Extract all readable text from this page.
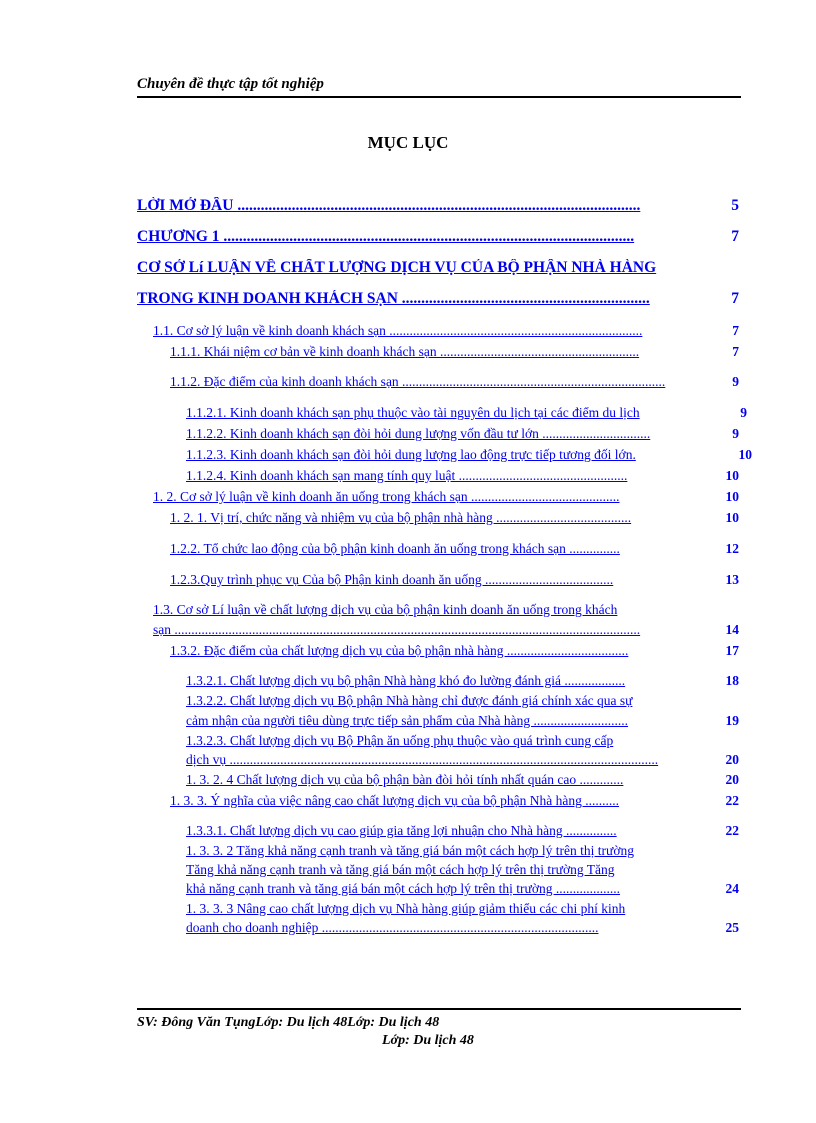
Chuyên đề thực tập tốt nghiệp
MỤC LỤC
LỜI MỞ ĐẦU ........................................................................................................	5
CHƯƠNG 1 ..........................................................................................................	7
CƠ SỞ Lí LUẬN VỀ CHẤT LƯỢNG DỊCH VỤ CỦA BỘ PHẬN NHÀ HÀNG
TRONG KINH DOANH KHÁCH SẠN ................................................................	7
1.1. Cơ sở lý luận về kinh doanh khách sạn ...........................................................................	7
1.1.1. Khái niệm cơ bản về kinh doanh khách sạn ...........................................................	7
1.1.2. Đặc điểm của kinh doanh khách sạn ..............................................................................	9
1.1.2.1. Kinh doanh khách sạn phụ thuộc vào tài nguyên du lịch tại các điểm du lịch	9
1.1.2.2. Kinh doanh khách sạn đòi hỏi dung lượng vốn đầu tư lớn ................................	9
1.1.2.3. Kinh doanh khách sạn đòi hỏi dung lượng lao động trực tiếp tương đối lớn.	10
1.1.2.4. Kinh doanh khách sạn mang tính quy luật ..................................................	10
1. 2. Cơ sở lý luận về kinh doanh ăn uống trong khách sạn ............................................	10
1. 2. 1. Vị trí, chức năng và nhiệm vụ của bộ phận nhà hàng ........................................	10
1.2.2. Tổ chức lao động của bộ phận kinh doanh ăn uống trong khách sạn ...............	12
1.2.3.Quy trình phục vụ Của bộ Phận kinh doanh ăn uống ......................................	13
1.3. Cơ sở Lí luận về chất lượng dịch vụ của bộ phận kinh doanh ăn uống trong khách
sạn ..........................................................................................................................................	14
1.3.2. Đặc điểm của chất lượng dịch vụ của bộ phận nhà hàng ....................................	17
1.3.2.1. Chất lượng dịch vụ bộ phận Nhà hàng khó đo lường đánh giá ..................	18
1.3.2.2. Chất lượng dịch vụ Bộ phận Nhà hàng chỉ được đánh giá chính xác qua sự
cảm nhận của người tiêu dùng trực tiếp sản phẩm của Nhà hàng ............................	19
1.3.2.3. Chất lượng dịch vụ Bộ Phận ăn uống phụ thuộc vào quá trình cung cấp
dịch vụ ...............................................................................................................................	20
1. 3. 2. 4 Chất lượng dịch vụ của bộ phận bàn đòi hỏi tính nhất quán cao .............	20
1. 3. 3. Ý nghĩa của việc nâng cao chất lượng dịch vụ của bộ phận Nhà hàng ..........	22
1.3.3.1. Chất lượng dịch vụ cao giúp gia tăng lợi nhuận cho Nhà hàng ...............	22
1. 3. 3. 2 Tăng khả năng cạnh tranh và tăng giá bán một cách hợp lý trên thị trường
Tăng khả năng cạnh tranh và tăng giá bán một cách hợp lý trên thị trường Tăng
khả năng cạnh tranh và tăng giá bán một cách hợp lý trên thị trường ...................	24
1. 3. 3. 3 Nâng cao chất lượng dịch vụ Nhà hàng giúp giảm thiểu các chi phí kinh
doanh cho doanh nghiệp ..................................................................................	25
SV: Đông Văn TụngLớp: Du lịch 48Lớp: Du lịch 48
Lớp: Du lịch 48
